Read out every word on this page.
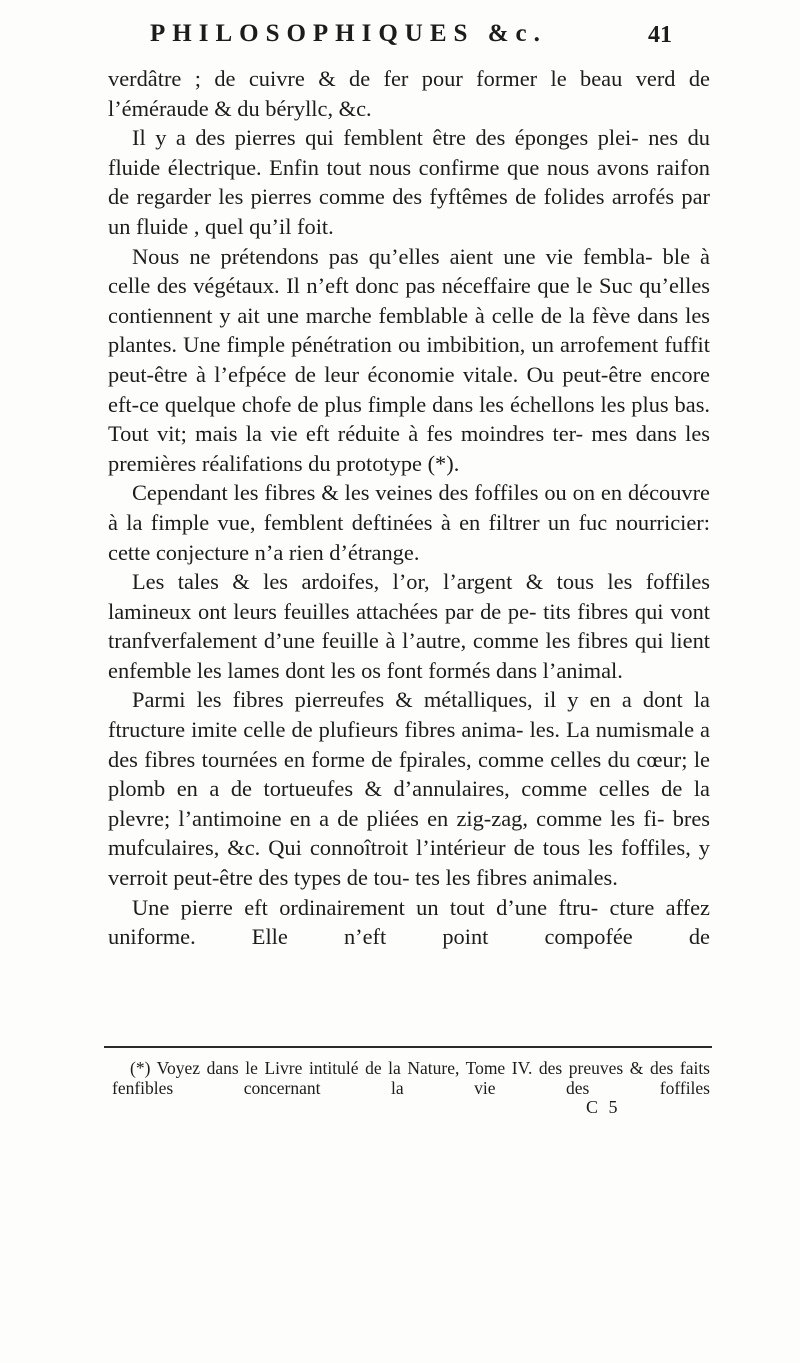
PHILOSOPHIQUES &c.	41

verdâtre ; de cuivre & de fer pour former le beau verd de l’éméraude & du béryllc, &c.

Il y a des pierres qui femblent être des éponges plei- nes du fluide électrique. Enfin tout nous confirme que nous avons raifon de regarder les pierres comme des fyftêmes de folides arrofés par un fluide , quel qu’il foit.

Nous ne prétendons pas qu’elles aient une vie fembla- ble à celle des végétaux. Il n’eft donc pas néceffaire que le Suc qu’elles contiennent y ait une marche femblable à celle de la fève dans les plantes. Une fimple pénétration ou imbibition, un arrofement fuffit peut-être à l’efpéce de leur économie vitale. Ou peut-être encore eft-ce quelque chofe de plus fimple dans les échellons les plus bas. Tout vit; mais la vie eft réduite à fes moindres ter- mes dans les premières réalifations du prototype (*).

Cependant les fibres & les veines des foffiles ou on en découvre à la fimple vue, femblent deftinées à en filtrer un fuc nourricier: cette conjecture n’a rien d’étrange.

Les tales & les ardoifes, l’or, l’argent & tous les foffiles lamineux ont leurs feuilles attachées par de pe- tits fibres qui vont tranfverfalement d’une feuille à l’autre, comme les fibres qui lient enfemble les lames dont les os font formés dans l’animal.

Parmi les fibres pierreufes & métalliques, il y en a dont la ftructure imite celle de plufieurs fibres anima- les. La numismale a des fibres tournées en forme de fpirales, comme celles du cœur; le plomb en a de tortueufes & d’annulaires, comme celles de la plevre; l’antimoine en a de pliées en zig-zag, comme les fi- bres mufculaires, &c. Qui connoîtroit l’intérieur de tous les foffiles, y verroit peut-être des types de tou- tes les fibres animales.

Une pierre eft ordinairement un tout d’une ftru- cture affez uniforme. Elle n’eft point compofée de

(*) Voyez dans le Livre intitulé de la Nature, Tome IV. des preuves & des faits fenfibles concernant la vie des foffiles
C 5
